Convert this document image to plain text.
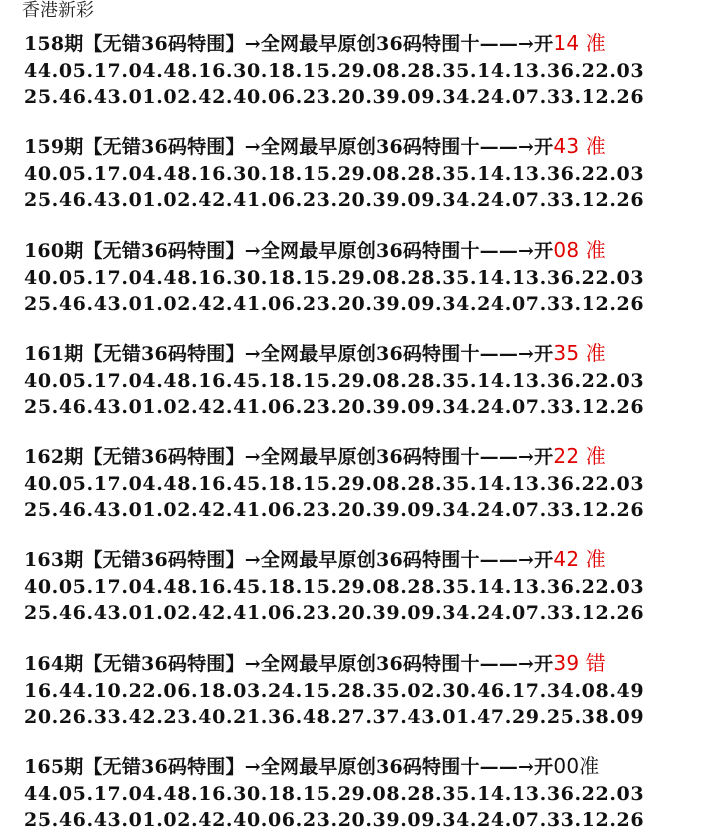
香港新彩
158期【无错36码特围】→全网最早原创36码特围十——→开14 准
44.05.17.04.48.16.30.18.15.29.08.28.35.14.13.36.22.03
25.46.43.01.02.42.40.06.23.20.39.09.34.24.07.33.12.26
159期【无错36码特围】→全网最早原创36码特围十——→开43 准
40.05.17.04.48.16.30.18.15.29.08.28.35.14.13.36.22.03
25.46.43.01.02.42.41.06.23.20.39.09.34.24.07.33.12.26
160期【无错36码特围】→全网最早原创36码特围十——→开08 准
40.05.17.04.48.16.30.18.15.29.08.28.35.14.13.36.22.03
25.46.43.01.02.42.41.06.23.20.39.09.34.24.07.33.12.26
161期【无错36码特围】→全网最早原创36码特围十——→开35 准
40.05.17.04.48.16.45.18.15.29.08.28.35.14.13.36.22.03
25.46.43.01.02.42.41.06.23.20.39.09.34.24.07.33.12.26
162期【无错36码特围】→全网最早原创36码特围十——→开22 准
40.05.17.04.48.16.45.18.15.29.08.28.35.14.13.36.22.03
25.46.43.01.02.42.41.06.23.20.39.09.34.24.07.33.12.26
163期【无错36码特围】→全网最早原创36码特围十——→开42 准
40.05.17.04.48.16.45.18.15.29.08.28.35.14.13.36.22.03
25.46.43.01.02.42.41.06.23.20.39.09.34.24.07.33.12.26
164期【无错36码特围】→全网最早原创36码特围十——→开39 错
16.44.10.22.06.18.03.24.15.28.35.02.30.46.17.34.08.49
20.26.33.42.23.40.21.36.48.27.37.43.01.47.29.25.38.09
165期【无错36码特围】→全网最早原创36码特围十——→开00准
44.05.17.04.48.16.30.18.15.29.08.28.35.14.13.36.22.03
25.46.43.01.02.42.40.06.23.20.39.09.34.24.07.33.12.26
